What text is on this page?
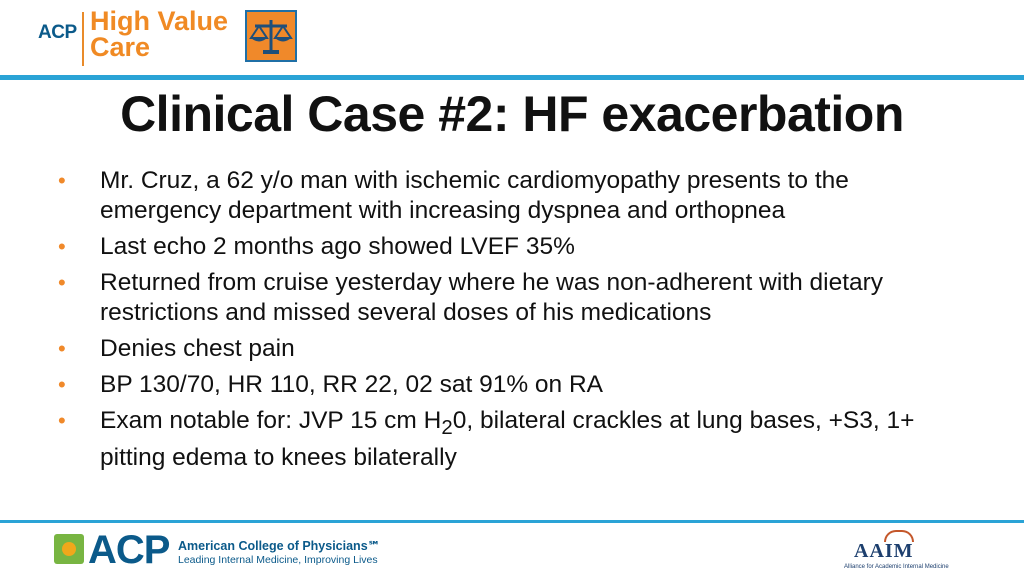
ACP High Value
Care
Clinical Case #2: HF exacerbation
• Mr. Cruz, a 62 y/o man with ischemic cardiomyopathy presents to the emergency department with increasing dyspnea and orthopnea
• Last echo 2 months ago showed LVEF 35%
• Returned from cruise yesterday where he was non-adherent with dietary restrictions and missed several doses of his medications
• Denies chest pain
• BP 130/70, HR 110, RR 22, 02 sat 91% on RA
• Exam notable for: JVP 15 cm $H_20$, bilateral crackles at lung bases, +S3, 1+ pitting edema to knees bilaterally
ACP American College of Physicians℠
Leading Internal Medicine, Improving Lives	AAIM
Alliance for Academic Internal Medicine
